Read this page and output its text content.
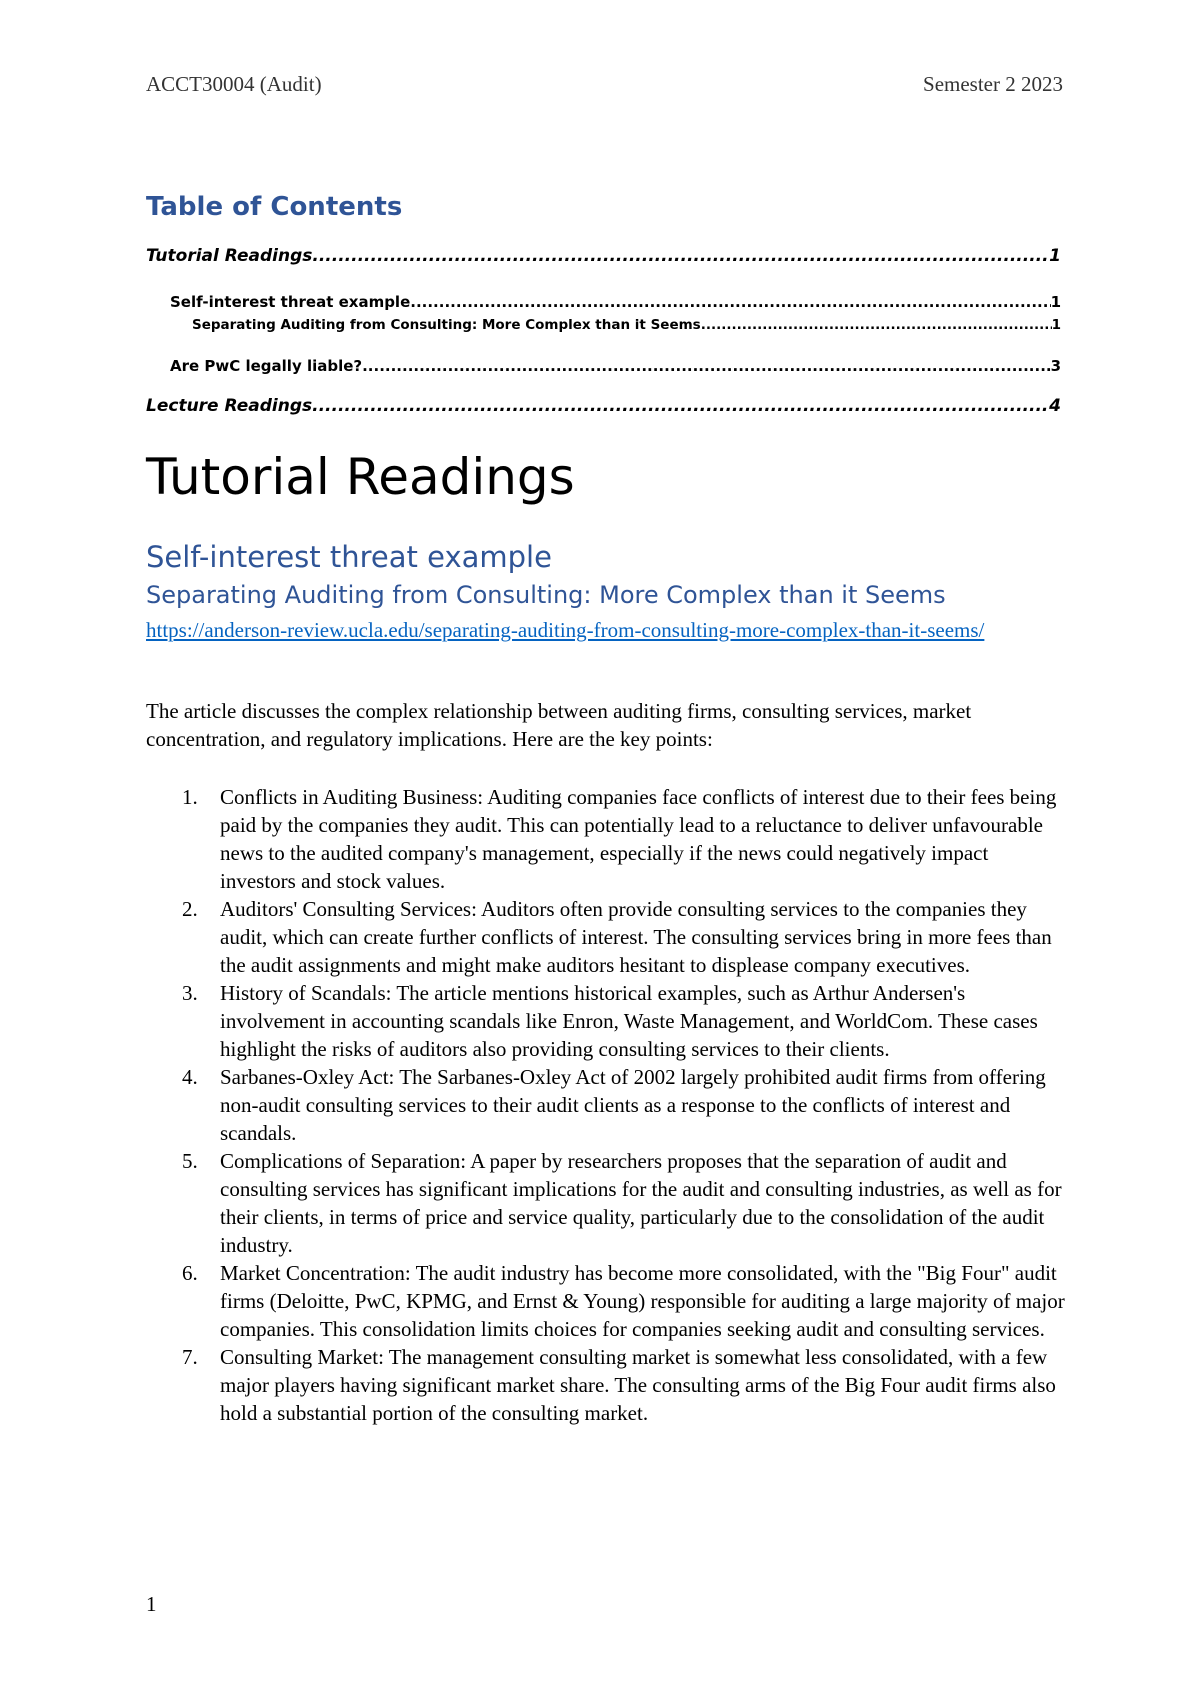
ACCT30004 (Audit)	Semester 2 2023
Table of Contents
Tutorial Readings .....	1
Self-interest threat example .....	1
Separating Auditing from Consulting: More Complex than it Seems .....	1
Are PwC legally liable? .....	3
Lecture Readings .....	4
Tutorial Readings
Self-interest threat example
Separating Auditing from Consulting: More Complex than it Seems
https://anderson-review.ucla.edu/separating-auditing-from-consulting-more-complex-than-it-seems/
The article discusses the complex relationship between auditing firms, consulting services, market concentration, and regulatory implications. Here are the key points:
1. Conflicts in Auditing Business: Auditing companies face conflicts of interest due to their fees being paid by the companies they audit. This can potentially lead to a reluctance to deliver unfavourable news to the audited company's management, especially if the news could negatively impact investors and stock values.
2. Auditors' Consulting Services: Auditors often provide consulting services to the companies they audit, which can create further conflicts of interest. The consulting services bring in more fees than the audit assignments and might make auditors hesitant to displease company executives.
3. History of Scandals: The article mentions historical examples, such as Arthur Andersen's involvement in accounting scandals like Enron, Waste Management, and WorldCom. These cases highlight the risks of auditors also providing consulting services to their clients.
4. Sarbanes-Oxley Act: The Sarbanes-Oxley Act of 2002 largely prohibited audit firms from offering non-audit consulting services to their audit clients as a response to the conflicts of interest and scandals.
5. Complications of Separation: A paper by researchers proposes that the separation of audit and consulting services has significant implications for the audit and consulting industries, as well as for their clients, in terms of price and service quality, particularly due to the consolidation of the audit industry.
6. Market Concentration: The audit industry has become more consolidated, with the "Big Four" audit firms (Deloitte, PwC, KPMG, and Ernst & Young) responsible for auditing a large majority of major companies. This consolidation limits choices for companies seeking audit and consulting services.
7. Consulting Market: The management consulting market is somewhat less consolidated, with a few major players having significant market share. The consulting arms of the Big Four audit firms also hold a substantial portion of the consulting market.
1
